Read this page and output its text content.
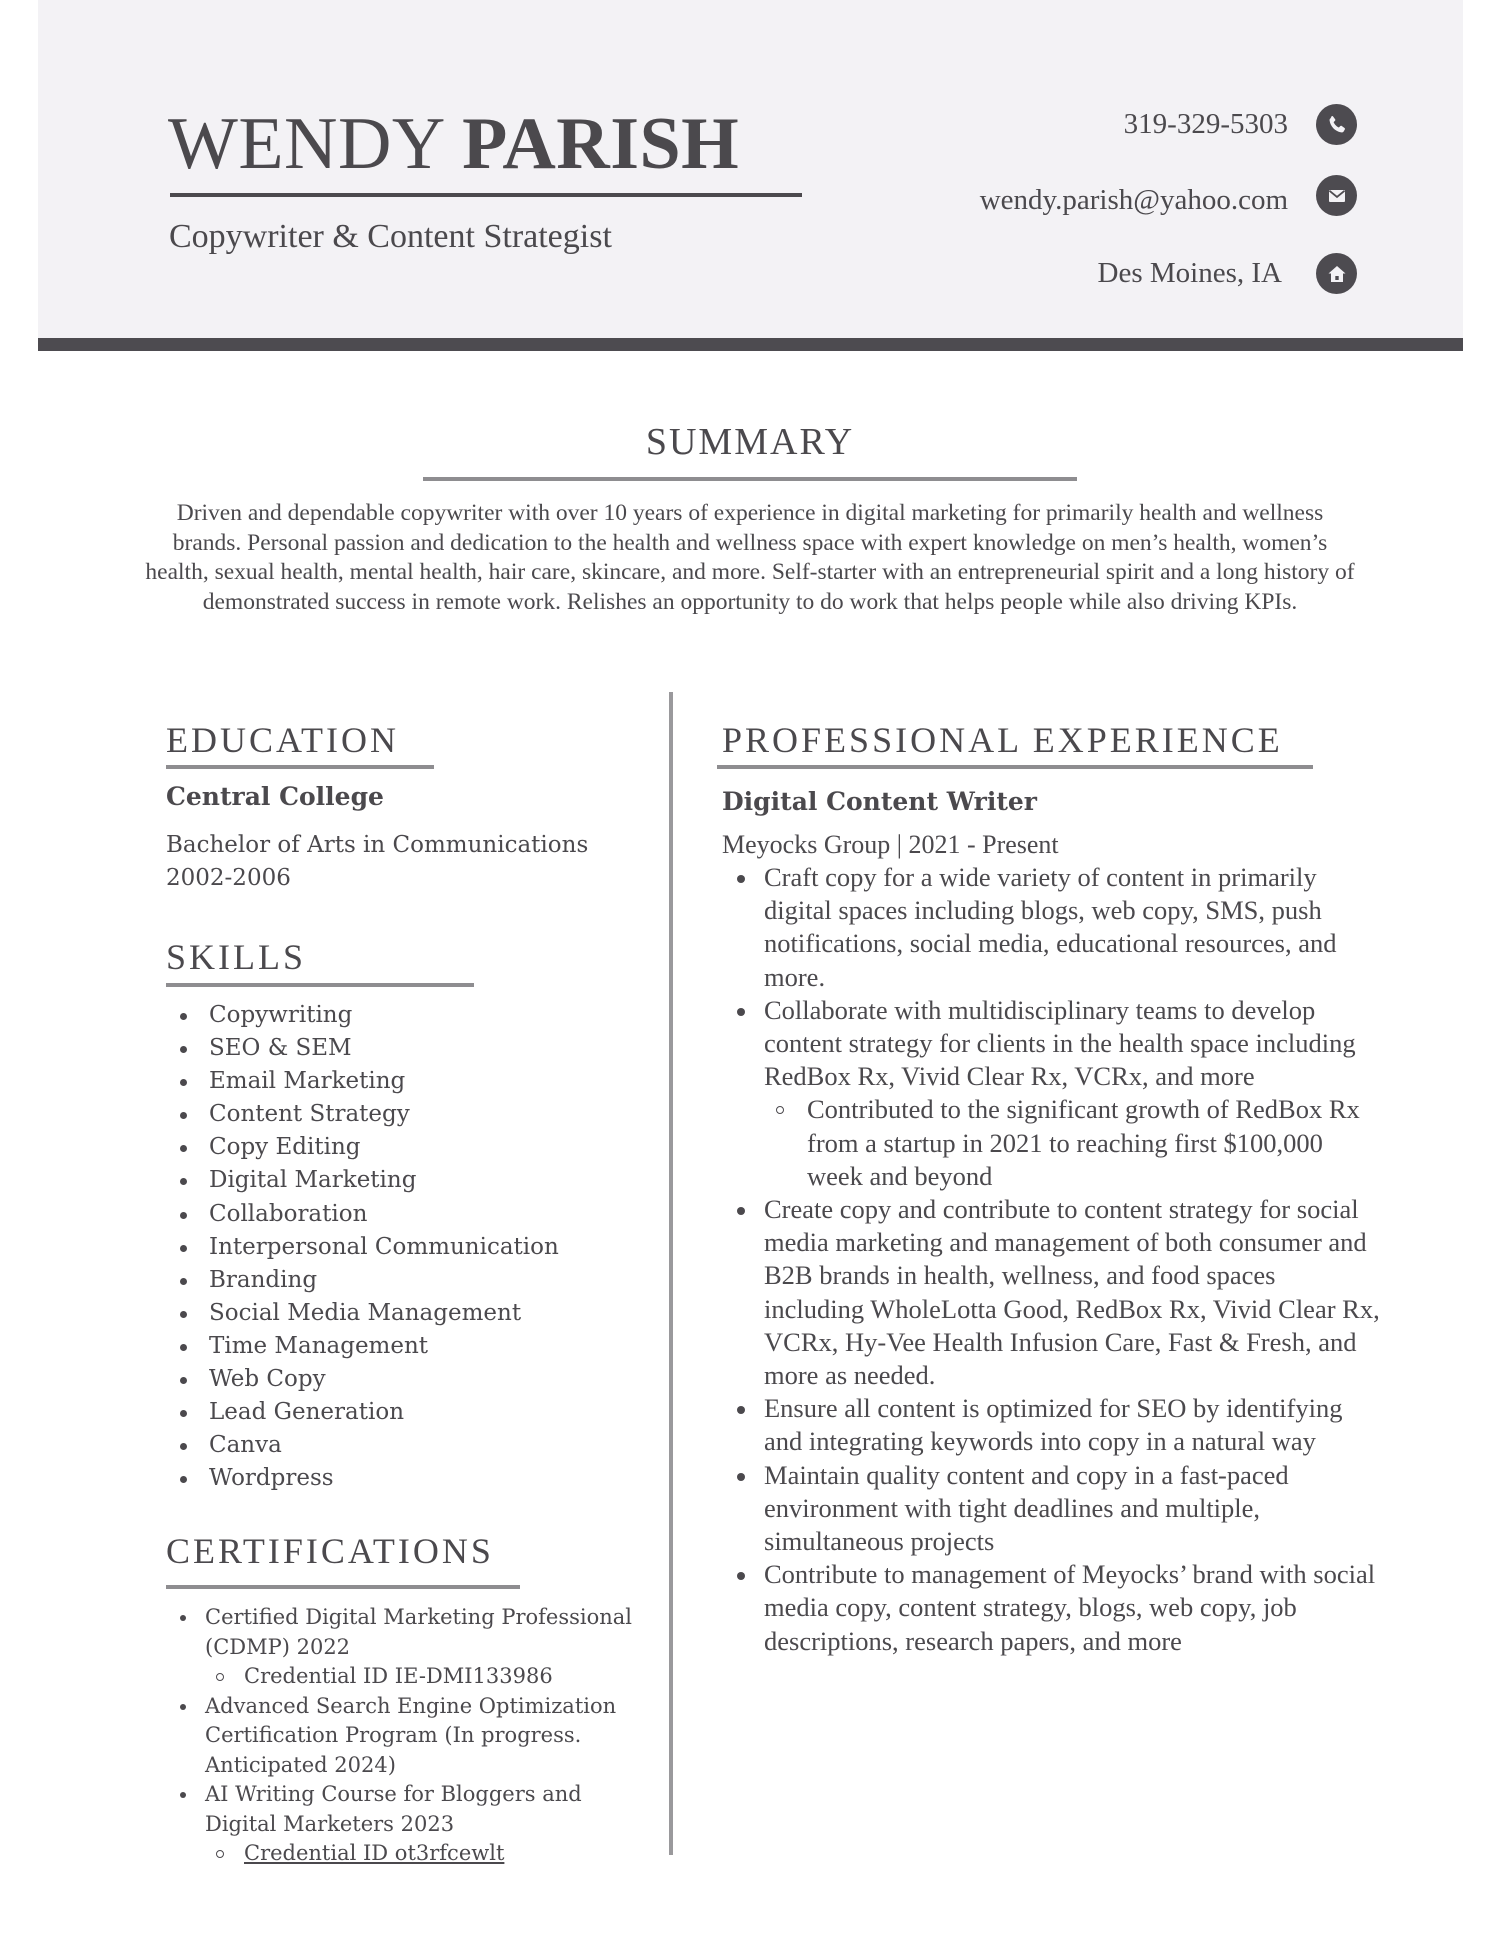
WENDY PARISH
Copywriter & Content Strategist
319-329-5303
wendy.parish@yahoo.com
Des Moines, IA
SUMMARY
Driven and dependable copywriter with over 10 years of experience in digital marketing for primarily health and wellness brands. Personal passion and dedication to the health and wellness space with expert knowledge on men’s health, women’s health, sexual health, mental health, hair care, skincare, and more. Self-starter with an entrepreneurial spirit and a long history of demonstrated success in remote work. Relishes an opportunity to do work that helps people while also driving KPIs.
EDUCATION
Central College
Bachelor of Arts in Communications
2002-2006
SKILLS
Copywriting
SEO & SEM
Email Marketing
Content Strategy
Copy Editing
Digital Marketing
Collaboration
Interpersonal Communication
Branding
Social Media Management
Time Management
Web Copy
Lead Generation
Canva
Wordpress
CERTIFICATIONS
Certified Digital Marketing Professional (CDMP) 2022
Credential ID IE-DMI133986
Advanced Search Engine Optimization Certification Program (In progress. Anticipated 2024)
AI Writing Course for Bloggers and Digital Marketers 2023
Credential ID ot3rfcewlt
PROFESSIONAL EXPERIENCE
Digital Content Writer
Meyocks Group | 2021 - Present
Craft copy for a wide variety of content in primarily digital spaces including blogs, web copy, SMS, push notifications, social media, educational resources, and more.
Collaborate with multidisciplinary teams to develop content strategy for clients in the health space including RedBox Rx, Vivid Clear Rx, VCRx, and more
Contributed to the significant growth of RedBox Rx from a startup in 2021 to reaching first $100,000 week and beyond
Create copy and contribute to content strategy for social media marketing and management of both consumer and B2B brands in health, wellness, and food spaces including WholeLotta Good, RedBox Rx, Vivid Clear Rx, VCRx, Hy-Vee Health Infusion Care, Fast & Fresh, and more as needed.
Ensure all content is optimized for SEO by identifying and integrating keywords into copy in a natural way
Maintain quality content and copy in a fast-paced environment with tight deadlines and multiple, simultaneous projects
Contribute to management of Meyocks’ brand with social media copy, content strategy, blogs, web copy, job descriptions, research papers, and more
